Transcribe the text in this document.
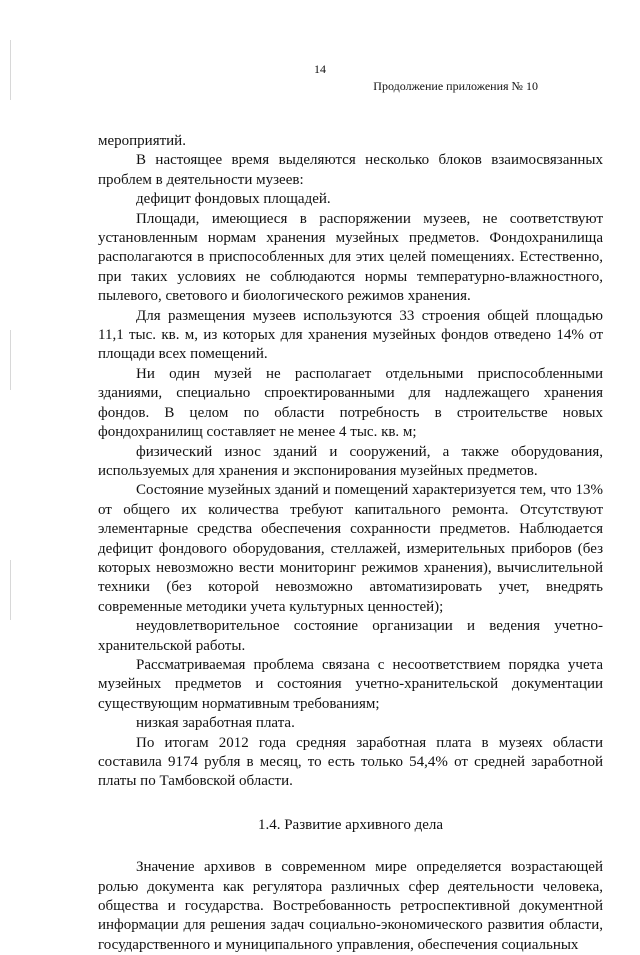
14
Продолжение приложения № 10

мероприятий.

В настоящее время выделяются несколько блоков взаимосвязанных проблем в деятельности музеев:

дефицит фондовых площадей.

Площади, имеющиеся в распоряжении музеев, не соответствуют установленным нормам хранения музейных предметов. Фондохранилища располагаются в приспособленных для этих целей помещениях. Естественно, при таких условиях не соблюдаются нормы температурно-влажностного, пылевого, светового и биологического режимов хранения.

Для размещения музеев используются 33 строения общей площадью 11,1 тыс. кв. м, из которых для хранения музейных фондов отведено 14% от площади всех помещений.

Ни один музей не располагает отдельными приспособленными зданиями, специально спроектированными для надлежащего хранения фондов. В целом по области потребность в строительстве новых фондохранилищ составляет не менее 4 тыс. кв. м;

физический износ зданий и сооружений, а также оборудования, используемых для хранения и экспонирования музейных предметов.

Состояние музейных зданий и помещений характеризуется тем, что 13% от общего их количества требуют капитального ремонта. Отсутствуют элементарные средства обеспечения сохранности предметов. Наблюдается дефицит фондового оборудования, стеллажей, измерительных приборов (без которых невозможно вести мониторинг режимов хранения), вычислительной техники (без которой невозможно автоматизировать учет, внедрять современные методики учета культурных ценностей);

неудовлетворительное состояние организации и ведения учетно-хранительской работы.

Рассматриваемая проблема связана с несоответствием порядка учета музейных предметов и состояния учетно-хранительской документации существующим нормативным требованиям;

низкая заработная плата.

По итогам 2012 года средняя заработная плата в музеях области составила 9174 рубля в месяц, то есть только 54,4% от средней заработной платы по Тамбовской области.

1.4. Развитие архивного дела

Значение архивов в современном мире определяется возрастающей ролью документа как регулятора различных сфер деятельности человека, общества и государства. Востребованность ретроспективной документной информации для решения задач социально-экономического развития области, государственного и муниципального управления, обеспечения социальных
